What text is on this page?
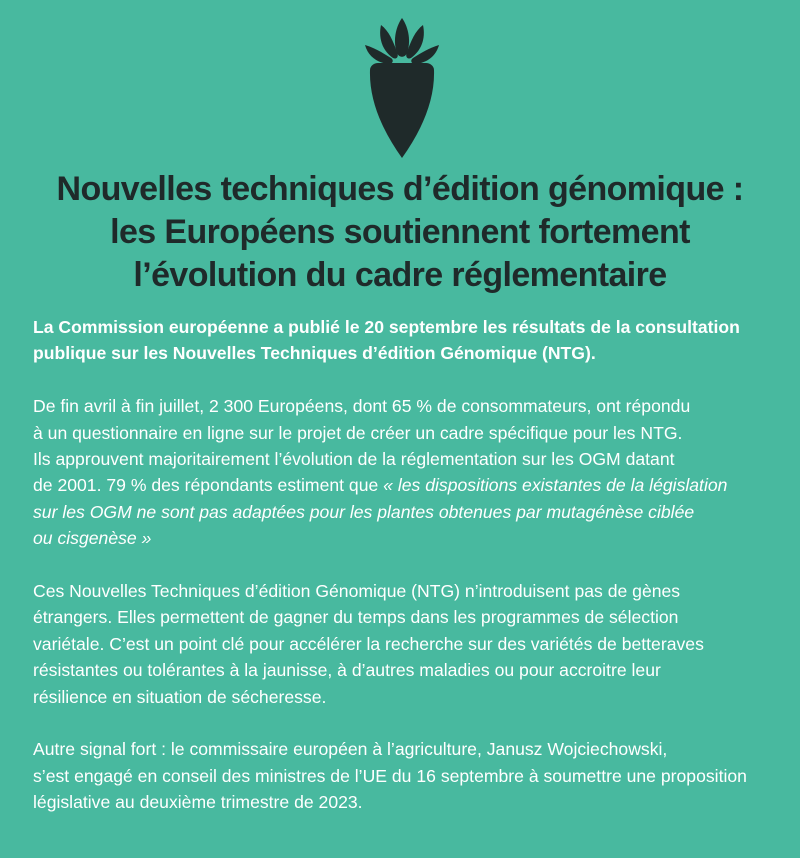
Nouvelles techniques d’édition génomique :
les Européens soutiennent fortement
l’évolution du cadre réglementaire

La Commission européenne a publié le 20 septembre les résultats de la consultation
publique sur les Nouvelles Techniques d’édition Génomique (NTG).

De fin avril à fin juillet, 2 300 Européens, dont 65 % de consommateurs, ont répondu
à un questionnaire en ligne sur le projet de créer un cadre spécifique pour les NTG.
Ils approuvent majoritairement l’évolution de la réglementation sur les OGM datant
de 2001. 79 % des répondants estiment que « les dispositions existantes de la législation
sur les OGM ne sont pas adaptées pour les plantes obtenues par mutagénèse ciblée
ou cisgenèse »

Ces Nouvelles Techniques d’édition Génomique (NTG) n’introduisent pas de gènes
étrangers. Elles permettent de gagner du temps dans les programmes de sélection
variétale. C’est un point clé pour accélérer la recherche sur des variétés de betteraves
résistantes ou tolérantes à la jaunisse, à d’autres maladies ou pour accroitre leur
résilience en situation de sécheresse.

Autre signal fort : le commissaire européen à l’agriculture, Janusz Wojciechowski,
s’est engagé en conseil des ministres de l’UE du 16 septembre à soumettre une proposition
législative au deuxième trimestre de 2023.
